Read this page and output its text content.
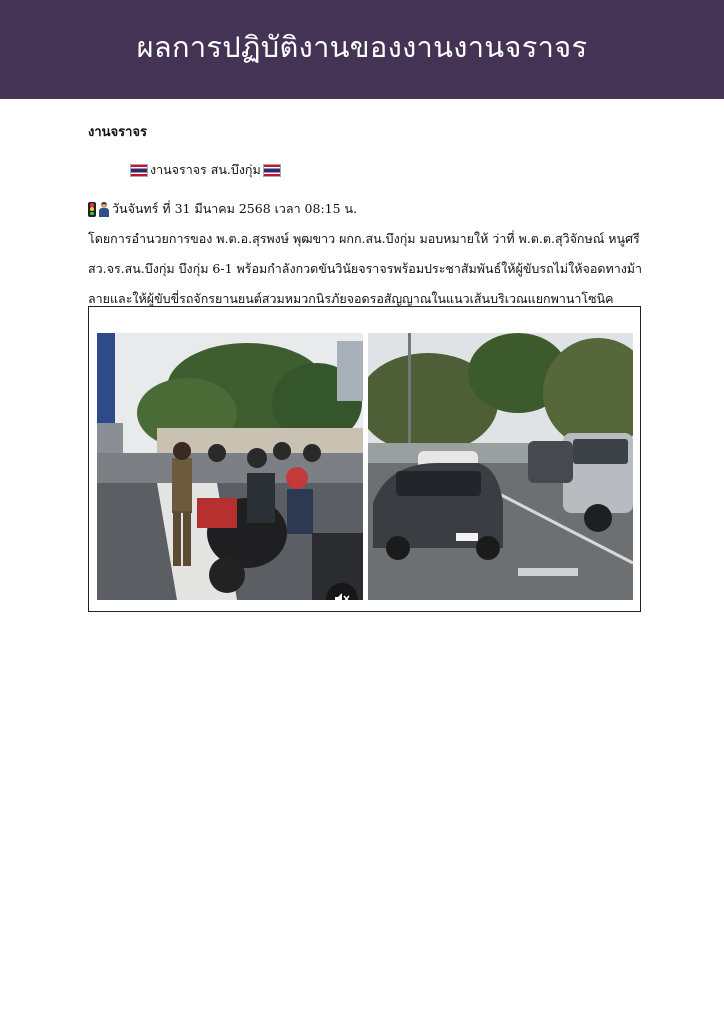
ผลการปฏิบัติงานของงานงานจราจร
งานจราจร
งานจราจร สน.บึงกุ่ม
วันจันทร์ ที่ 31 มีนาคม 2568 เวลา 08:15 น.
โดยการอำนวยการของ พ.ต.อ.สุรพงษ์ พุฒขาว ผกก.สน.บึงกุ่ม มอบหมายให้ ว่าที่ พ.ต.ต.สุวิจักษณ์ หนูศรี
สว.จร.สน.บึงกุ่ม บึงกุ่ม 6-1 พร้อมกำลังกวดขันวินัยจราจรพร้อมประชาสัมพันธ์ให้ผู้ขับรถไม่ให้จอดทางม้า
ลายและให้ผู้ขับขี่รถจักรยานยนต์สวมหมวกนิรภัยจอดรอสัญญาณในแนวเส้นบริเวณแยกพานาโซนิค
